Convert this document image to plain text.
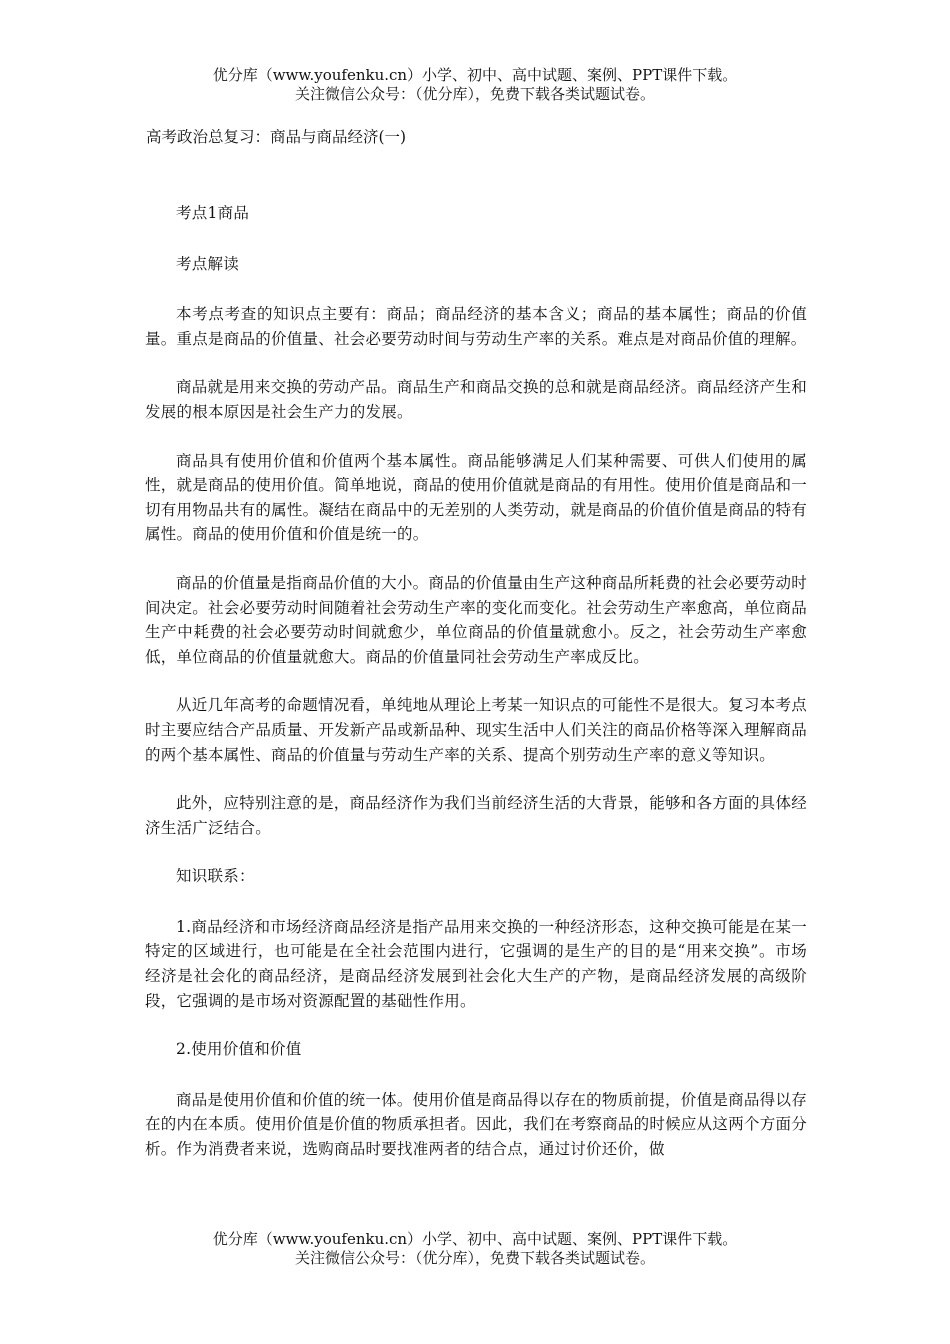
优分库（www.youfenku.cn）小学、初中、高中试题、案例、PPT课件下载。
关注微信公众号：（优分库），免费下载各类试题试卷。
高考政治总复习：商品与商品经济(一)

考点1商品

考点解读

本考点考查的知识点主要有：商品；商品经济的基本含义；商品的基本属性；商品的价值量。重点是商品的价值量、社会必要劳动时间与劳动生产率的关系。难点是对商品价值的理解。

商品就是用来交换的劳动产品。商品生产和商品交换的总和就是商品经济。商品经济产生和发展的根本原因是社会生产力的发展。

商品具有使用价值和价值两个基本属性。商品能够满足人们某种需要、可供人们使用的属性，就是商品的使用价值。简单地说，商品的使用价值就是商品的有用性。使用价值是商品和一切有用物品共有的属性。凝结在商品中的无差别的人类劳动，就是商品的价值价值是商品的特有属性。商品的使用价值和价值是统一的。

商品的价值量是指商品价值的大小。商品的价值量由生产这种商品所耗费的社会必要劳动时间决定。社会必要劳动时间随着社会劳动生产率的变化而变化。社会劳动生产率愈高，单位商品生产中耗费的社会必要劳动时间就愈少，单位商品的价值量就愈小。反之，社会劳动生产率愈低，单位商品的价值量就愈大。商品的价值量同社会劳动生产率成反比。

从近几年高考的命题情况看，单纯地从理论上考某一知识点的可能性不是很大。复习本考点时主要应结合产品质量、开发新产品或新品种、现实生活中人们关注的商品价格等深入理解商品的两个基本属性、商品的价值量与劳动生产率的关系、提高个别劳动生产率的意义等知识。

此外，应特别注意的是，商品经济作为我们当前经济生活的大背景，能够和各方面的具体经济生活广泛结合。

知识联系：

1.商品经济和市场经济商品经济是指产品用来交换的一种经济形态，这种交换可能是在某一特定的区域进行，也可能是在全社会范围内进行，它强调的是生产的目的是“用来交换”。市场经济是社会化的商品经济，是商品经济发展到社会化大生产的产物，是商品经济发展的高级阶段，它强调的是市场对资源配置的基础性作用。

2.使用价值和价值

商品是使用价值和价值的统一体。使用价值是商品得以存在的物质前提，价值是商品得以存在的内在本质。使用价值是价值的物质承担者。因此，我们在考察商品的时候应从这两个方面分析。作为消费者来说，选购商品时要找准两者的结合点，通过讨价还价，做

优分库（www.youfenku.cn）小学、初中、高中试题、案例、PPT课件下载。
关注微信公众号：（优分库），免费下载各类试题试卷。
